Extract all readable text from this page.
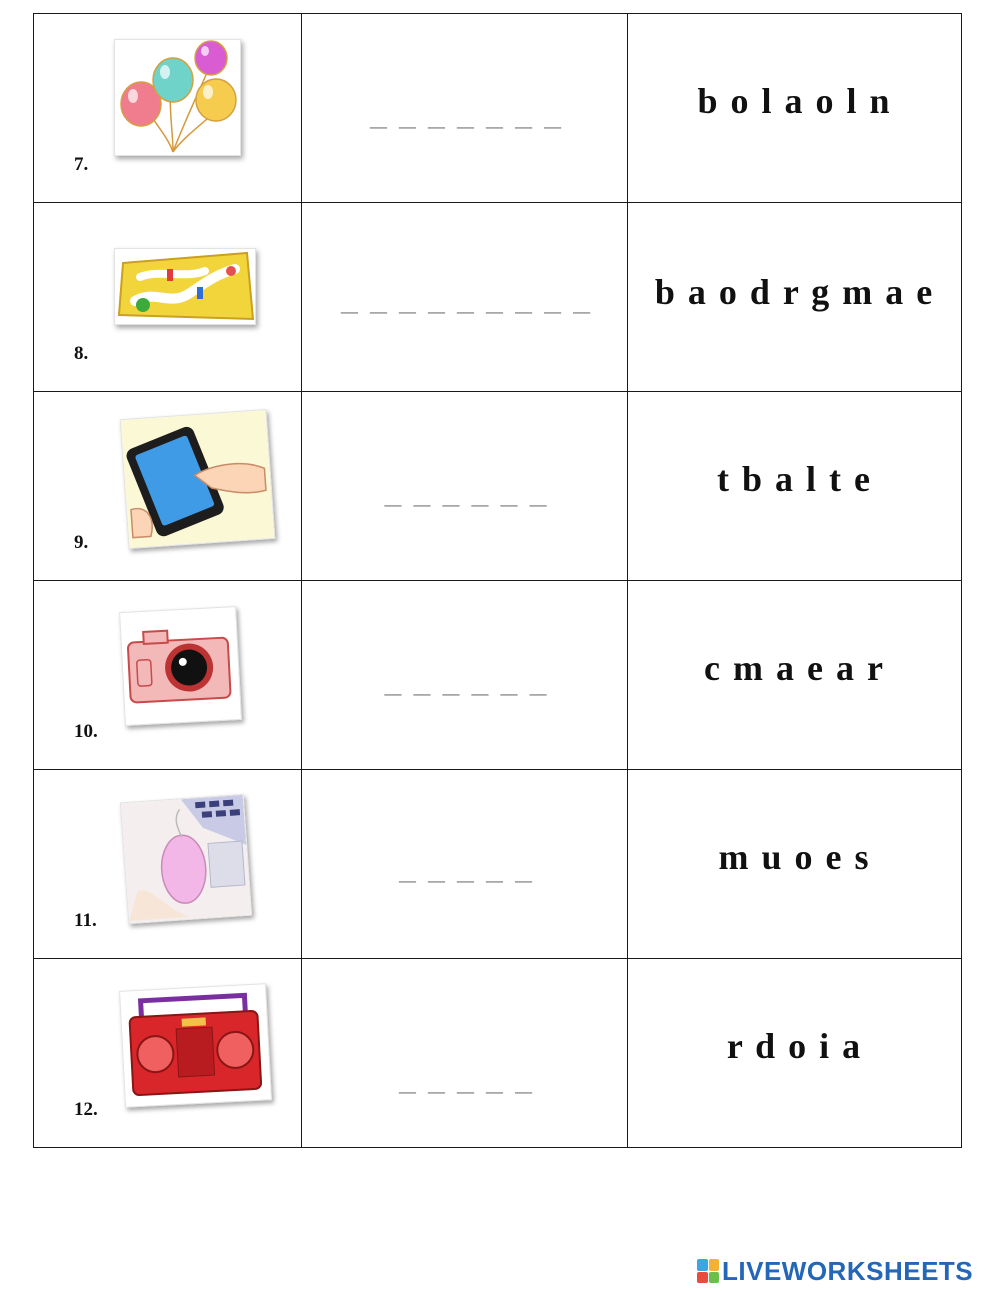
7.

_ _ _ _ _ _ _	b o l a o l n

8.

_ _ _ _ _ _ _ _ _	b a o d r g m a e

9.

_ _ _ _ _ _	t b a l t e

10.

_ _ _ _ _ _	c m a e a r

11.

_ _ _ _ _	m u o e s

12.

_ _ _ _ _	r d o i a
LIVEWORKSHEETS
